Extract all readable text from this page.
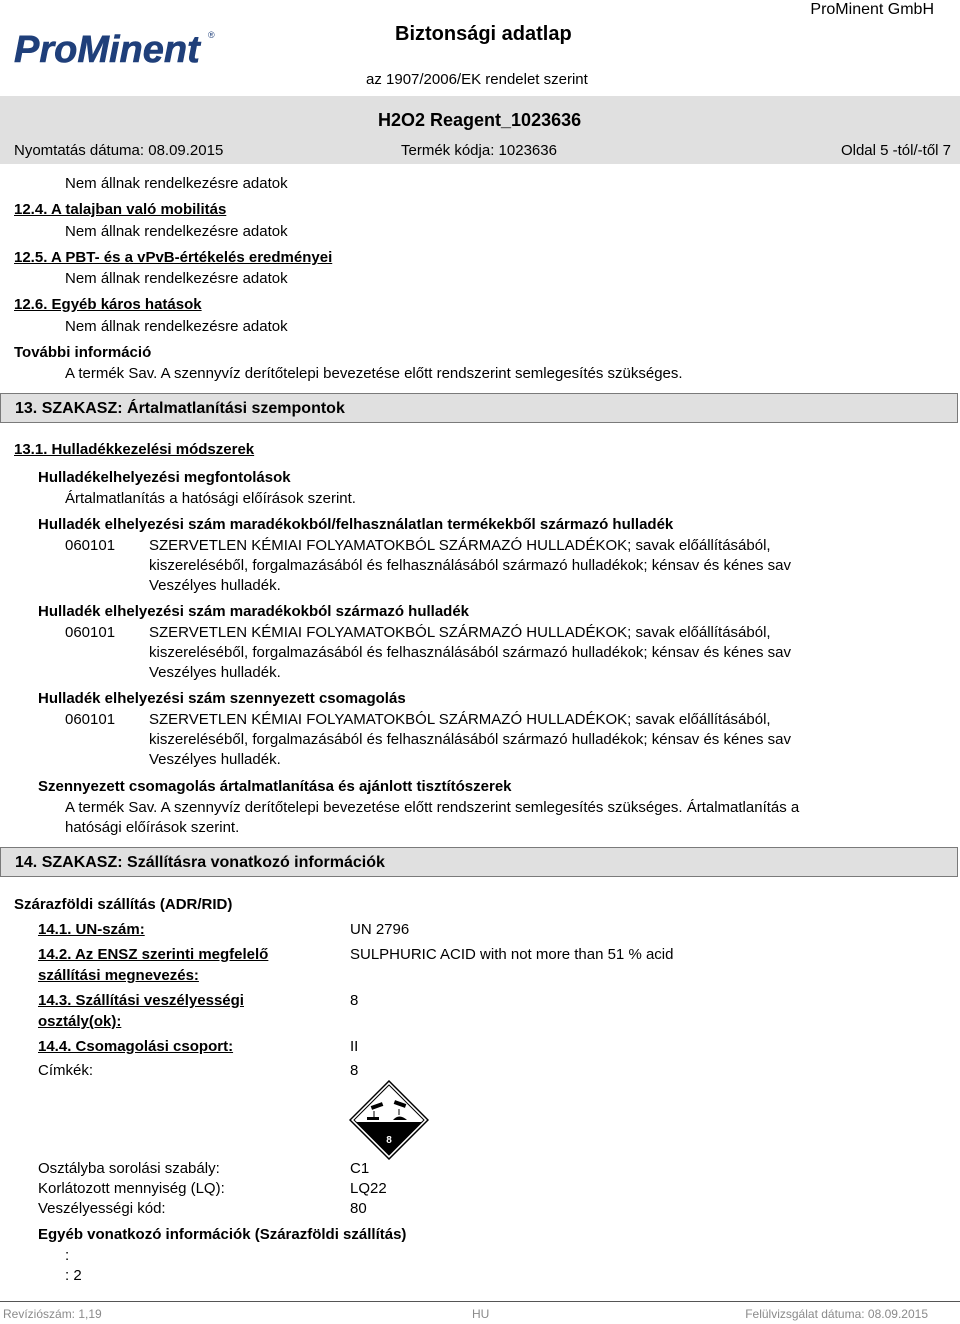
ProMinent ®	Biztonsági adatlap
ProMinent GmbH
az 1907/2006/EK rendelet szerint
H2O2 Reagent_1023636
Nyomtatás dátuma: 08.09.2015	Termék kódja: 1023636	Oldal 5 -tól/-től 7
Nem állnak rendelkezésre adatok
12.4. A talajban való mobilitás
Nem állnak rendelkezésre adatok
12.5. A PBT- és a vPvB-értékelés eredményei
Nem állnak rendelkezésre adatok
12.6. Egyéb káros hatások
Nem állnak rendelkezésre adatok
További információ
A termék Sav. A szennyvíz derítőtelepi bevezetése előtt rendszerint semlegesítés szükséges.
13. SZAKASZ: Ártalmatlanítási szempontok
13.1. Hulladékkezelési módszerek
Hulladékelhelyezési megfontolások
Ártalmatlanítás a hatósági előírások szerint.
Hulladék elhelyezési szám maradékokból/felhasználatlan termékekből származó hulladék
060101 SZERVETLEN KÉMIAI FOLYAMATOKBÓL SZÁRMAZÓ HULLADÉKOK; savak előállításából,
kiszereléséből, forgalmazásából és felhasználásából származó hulladékok; kénsav és kénes sav
Veszélyes hulladék.
Hulladék elhelyezési szám maradékokból származó hulladék
060101 SZERVETLEN KÉMIAI FOLYAMATOKBÓL SZÁRMAZÓ HULLADÉKOK; savak előállításából,
kiszereléséből, forgalmazásából és felhasználásából származó hulladékok; kénsav és kénes sav
Veszélyes hulladék.
Hulladék elhelyezési szám szennyezett csomagolás
060101 SZERVETLEN KÉMIAI FOLYAMATOKBÓL SZÁRMAZÓ HULLADÉKOK; savak előállításából,
kiszereléséből, forgalmazásából és felhasználásából származó hulladékok; kénsav és kénes sav
Veszélyes hulladék.
Szennyezett csomagolás ártalmatlanítása és ajánlott tisztítószerek
A termék Sav. A szennyvíz derítőtelepi bevezetése előtt rendszerint semlegesítés szükséges. Ártalmatlanítás a
hatósági előírások szerint.
14. SZAKASZ: Szállításra vonatkozó információk
Szárazföldi szállítás (ADR/RID)
14.1. UN-szám:	UN 2796
14.2. Az ENSZ szerinti megfelelő
szállítási megnevezés:
SULPHURIC ACID with not more than 51 % acid
14.3. Szállítási veszélyességi
osztály(ok):
8
14.4. Csomagolási csoport:	II
Címkék:	8
8
Osztályba sorolási szabály:	C1
Korlátozott mennyiség (LQ):	LQ22
Veszélyességi kód:	80
Egyéb vonatkozó információk (Szárazföldi szállítás)
:
: 2
Revíziószám: 1,19	HU	Felülvizsgálat dátuma: 08.09.2015
